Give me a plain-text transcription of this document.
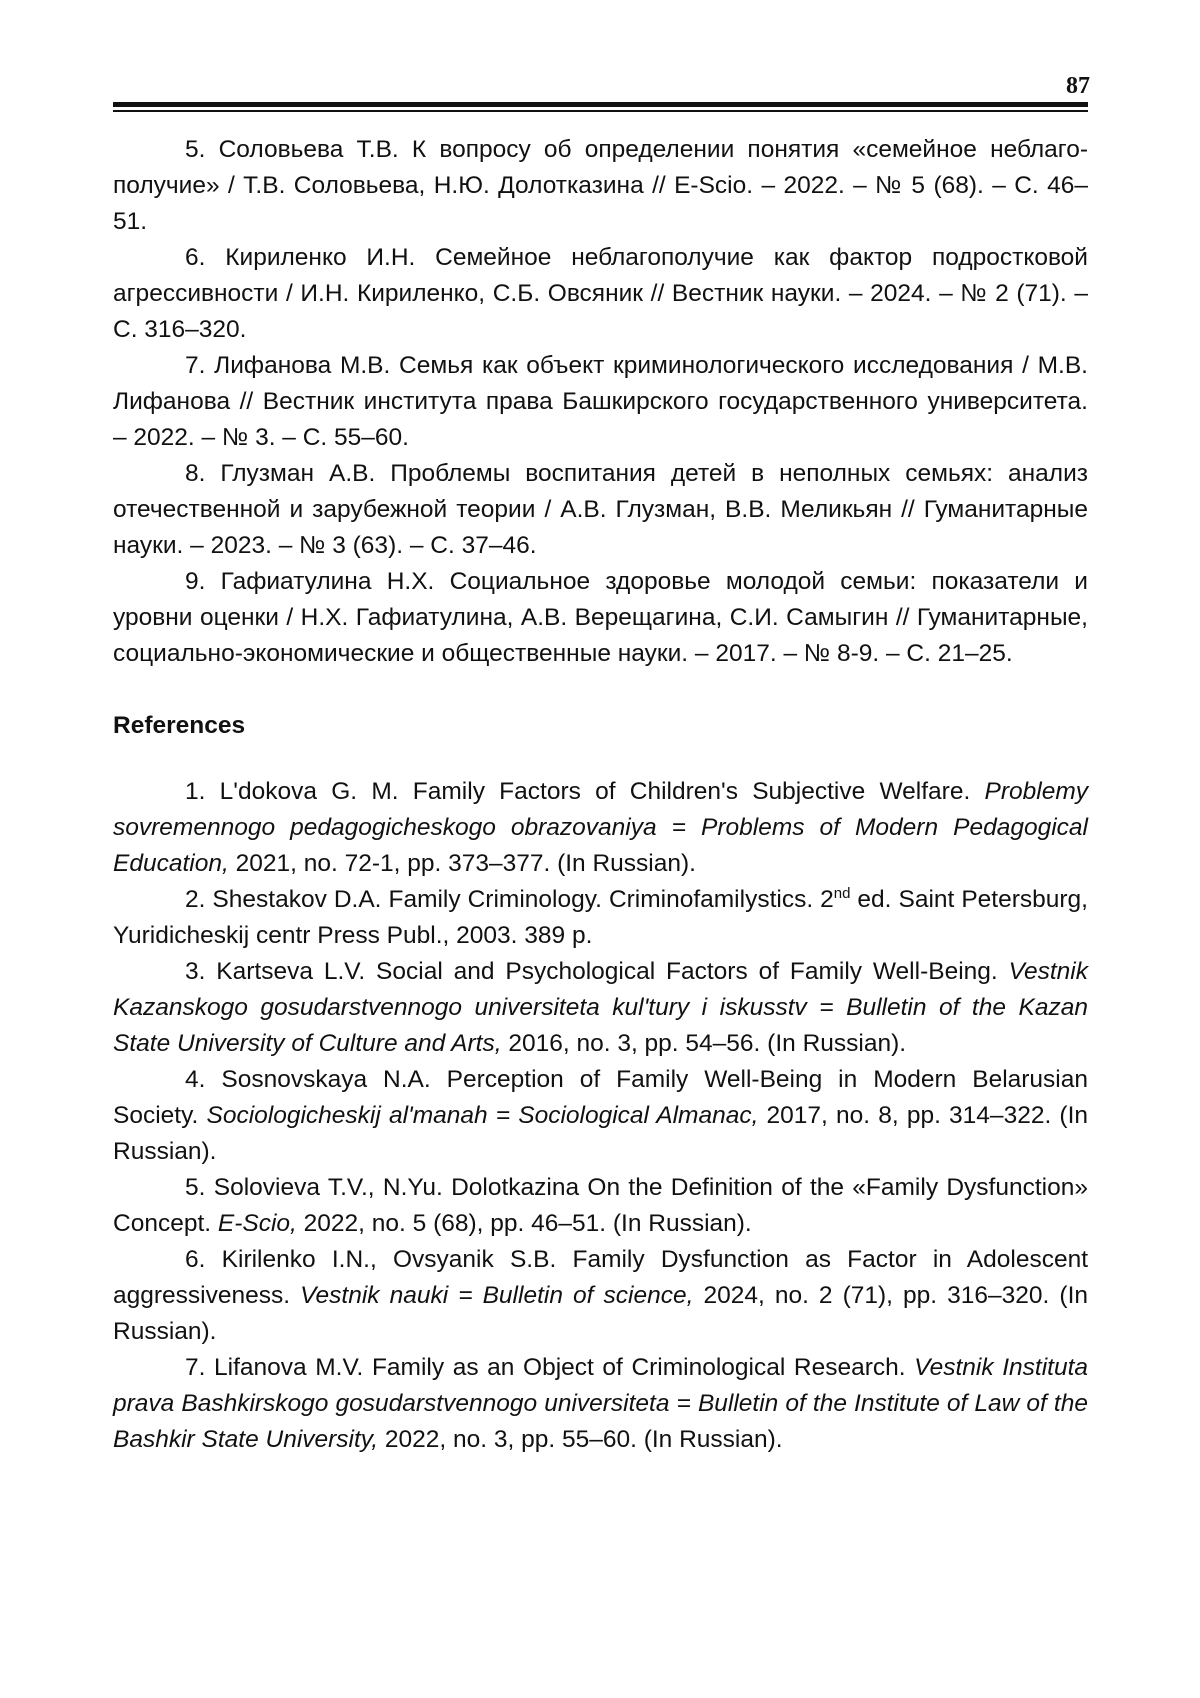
87

5. Соловьева Т.В. К вопросу об определении понятия «семейное неблагополучие» / Т.В. Соловьева, Н.Ю. Долотказина // E-Scio. – 2022. – № 5 (68). – С. 46–51.

6. Кириленко И.Н. Семейное неблагополучие как фактор подростковой агрессивности / И.Н. Кириленко, С.Б. Овсяник // Вестник науки. – 2024. – № 2 (71). – С. 316–320.

7. Лифанова М.В. Семья как объект криминологического исследования / М.В. Лифанова // Вестник института права Башкирского государственного университета. – 2022. – № 3. – С. 55–60.

8. Глузман А.В. Проблемы воспитания детей в неполных семьях: анализ отечественной и зарубежной теории / А.В. Глузман, В.В. Меликьян // Гуманитарные науки. – 2023. – № 3 (63). – С. 37–46.

9. Гафиатулина Н.Х. Социальное здоровье молодой семьи: показатели и уровни оценки / Н.Х. Гафиатулина, А.В. Верещагина, С.И. Самыгин // Гуманитарные, социально-экономические и общественные науки. – 2017. – № 8-9. – С. 21–25.

References

1. L'dokova G. M. Family Factors of Children's Subjective Welfare. Problemy sovremennogo pedagogicheskogo obrazovaniya = Problems of Modern Pedagogical Education, 2021, no. 72-1, pp. 373–377. (In Russian).

2. Shestakov D.A. Family Criminology. Criminofamilystics. 2nd ed. Saint Petersburg, Yuridicheskij centr Press Publ., 2003. 389 p.

3. Kartseva L.V. Social and Psychological Factors of Family Well-Being. Vestnik Kazanskogo gosudarstvennogo universiteta kul'tury i iskusstv = Bulletin of the Kazan State University of Culture and Arts, 2016, no. 3, pp. 54–56. (In Russian).

4. Sosnovskaya N.A. Perception of Family Well-Being in Modern Belarusian Society. Sociologicheskij al'manah = Sociological Almanac, 2017, no. 8, pp. 314–322. (In Russian).

5. Solovieva T.V., N.Yu. Dolotkazina On the Definition of the «Family Dysfunction» Concept. E-Scio, 2022, no. 5 (68), pp. 46–51. (In Russian).

6. Kirilenko I.N., Ovsyanik S.B. Family Dysfunction as Factor in Adolescent aggressiveness. Vestnik nauki = Bulletin of science, 2024, no. 2 (71), pp. 316–320. (In Russian).

7. Lifanova M.V. Family as an Object of Criminological Research. Vestnik Instituta prava Bashkirskogo gosudarstvennogo universiteta = Bulletin of the Institute of Law of the Bashkir State University, 2022, no. 3, pp. 55–60. (In Russian).
